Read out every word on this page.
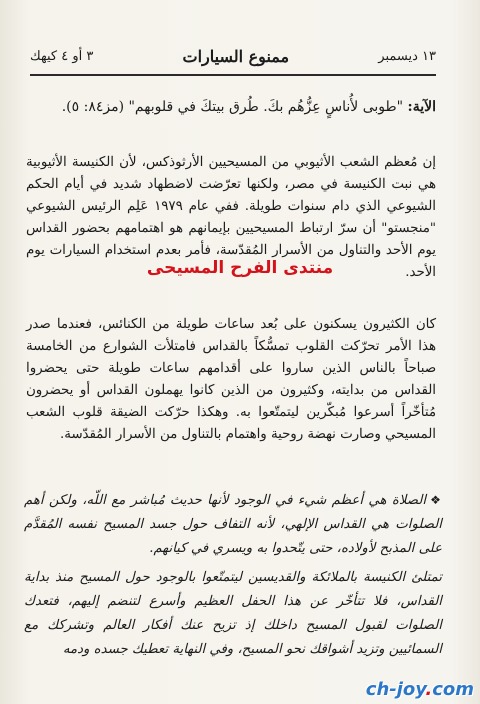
١٣ ديسمبر
ممنوع السيارات
٣ أو ٤ كيهك
الآية: "طوبى لأُناسٍ عِزُّهُم بكَ. طُرق بيتكَ في قلوبهم" (مز٨٤: ٥).

إن مُعظم الشعب الأثيوبي من المسيحيين الأرثوذكس، لأن الكنيسة الأثيوبية هي نبت الكنيسة في مصر، ولكنها تعرّضت لاضطهاد شديد في أيام الحكم الشيوعي الذي دام سنوات طويلة. ففي عام ١٩٧٩ عَلِم الرئيس الشيوعي "منجستو" أن سرّ ارتباط المسيحيين بإيمانهم هو اهتمامهم بحضور القداس يوم الأحد والتناول من الأسرار المُقدّسة، فأمر بعدم استخدام السيارات يوم الأحد.

منتدى الفرح المسيحى

كان الكثيرون يسكنون على بُعد ساعات طويلة من الكنائس، فعندما صدر هذا الأمر تحرّكت القلوب تمسُّكاً بالقداس فامتلأت الشوارع من الخامسة صباحاً بالناس الذين ساروا على أقدامهم ساعات طويلة حتى يحضروا القداس من بدايته، وكثيرون من الذين كانوا يهملون القداس أو يحضرون مُتأخّراً أسرعوا مُبكّرين ليتمتّعوا به. وهكذا حرّكت الضيقة قلوب الشعب المسيحي وصارت نهضة روحية واهتمام بالتناول من الأسرار المُقدّسة.

❖الصلاة هي أعظم شيء في الوجود لأنها حديث مُباشر مع اللّه، ولكن أهم الصلوات هي القداس الإلهي، لأنه التفاف حول جسد المسيح نفسه المُقدَّم على المذبح لأولاده، حتى يتّحدوا به ويسري في كيانهم.

تمتلئ الكنيسة بالملائكة والقديسين ليتمتّعوا بالوجود حول المسيح منذ بداية القداس، فلا تتأخّر عن هذا الحفل العظيم وأسرع لتنضم إليهم، فتعدك الصلوات لقبول المسيح داخلك إذ تزيح عنك أفكار العالم وتشركك مع السمائيين وتزيد أشواقك نحو المسيح، وفي النهاية تعطيك جسده ودمه

ch-joy.com
